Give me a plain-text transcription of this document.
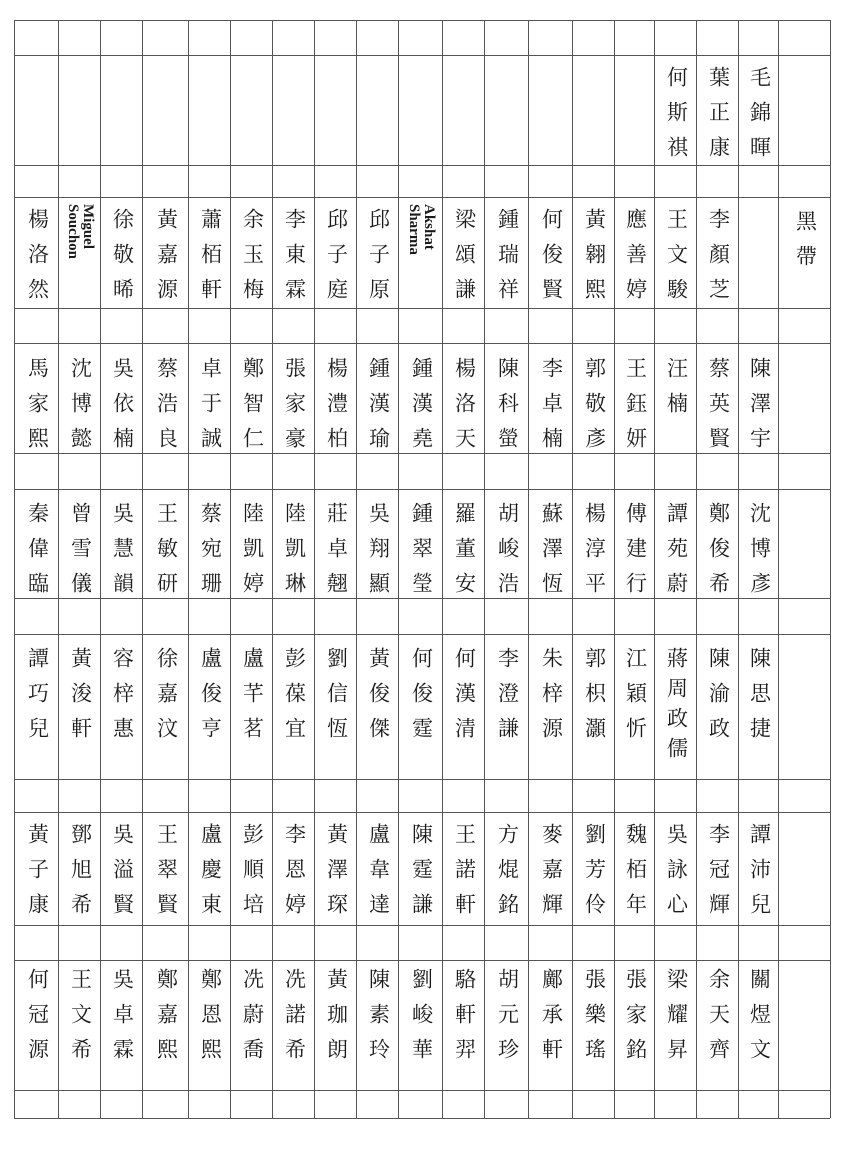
毛錦暉
葉正康
何斯祺
黑帶
李顏芝
王文駿
應善婷
黃翱熙
何俊賢
鍾瑞祥
梁頌謙
Akshat Sharma
邱子原
邱子庭
李東霖
余玉梅
蕭栢軒
黃嘉源
徐敬晞
Miguel Souchon
楊洛然
陳澤宇
蔡英賢
汪楠
王鈺妍
郭敬彥
李卓楠
陳科螢
楊洛天
鍾漢堯
鍾漢瑜
楊澧柏
張家豪
鄭智仁
卓于誠
蔡浩良
吳依楠
沈博懿
馬家熙
沈博彥
鄭俊希
譚苑蔚
傅建行
楊淳平
蘇澤恆
胡峻浩
羅董安
鍾翠瑩
吳翔顯
莊卓翹
陸凱琳
陸凱婷
蔡宛珊
王敏研
吳慧韻
曾雪儀
秦偉臨
陳思捷
陳渝政
蔣周政儒
江穎忻
郭枳灝
朱梓源
李澄謙
何漢清
何俊霆
黃俊傑
劉信恆
彭葆宜
盧芊茗
盧俊亨
徐嘉汶
容梓惠
黃浚軒
譚巧兒
譚沛兒
李冠輝
吳詠心
魏栢年
劉芳伶
麥嘉輝
方焜銘
王諾軒
陳霆謙
盧韋達
黃澤琛
李恩婷
彭順培
盧慶東
王翠賢
吳溢賢
鄧旭希
黃子康
關煜文
余天齊
梁耀昇
張家銘
張樂瑤
鄺承軒
胡元珍
駱軒羿
劉峻華
陳素玲
黃珈朗
冼諾希
冼蔚喬
鄭恩熙
鄭嘉熙
吳卓霖
王文希
何冠源
